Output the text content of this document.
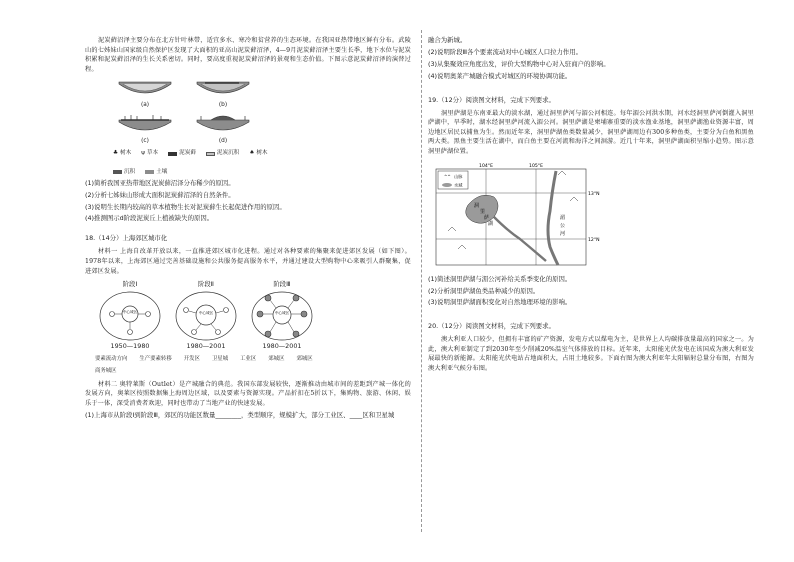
泥炭藓沼泽主要分布在北方针叶林带，适宜多水、寒冷和贫营养的生态环境。在我国亚热带地区鲜有分布。武陵山的七姊妹山国家级自然保护区发现了大面积的亚高山泥炭藓沼泽，4—9月泥炭藓沼泽主要生长季，地下水位与泥炭积累和泥炭藓沼泽的生长关系密切。同时，要高度重视泥炭藓沼泽的景观和生态价值。下图示意泥炭藓沼泽的演替过程。

(a)	(b)
(c)	(d)
♣ 树木 ψ 草本	泥炭藓	泥炭沉积 ♠ 树木
沉积	土壤

(1)简析我国亚热带地区泥炭藓沼泽分布稀少的原因。

(2)分析七姊妹山形成大面积泥炭藓沼泽的自然条件。

(3)说明生长期内较高的草本植物生长对泥炭藓生长起促进作用的原因。

(4)推测图示d阶段泥炭丘上植被缺失的原因。

18.（14分）上海郊区城市化

材料一 上海自改革开放以来，一直推进郊区城市化进程。通过对各种要素的集聚来促进郊区发展（如下图）。1978年以来，上海郊区通过完善基础设施和公共服务提高服务水平，并通过建设大型购物中心来吸引人群聚集，促进郊区发展。

阶段Ⅰ
中心城区
1950—1980
阶段Ⅱ
中心城区
1980—2001
阶段Ⅲ
中心城区
1980—2001
要素流动方向 生产要素转移 开发区 卫星城 工业区 郊城区 郊城区
商务城区

材料二 奥特莱斯（Outlet）是产城融合的典范。我国东部发展较快，逐渐推动由城市间的差距到产城一体化的发展方向，奥莱区按照数据集上海周边区域，以及要素与资源实现。产品折扣在5折以下，集购物、旅游、休闲、娱乐于一体，深受消费者欢迎，同时也带动了当地产业的快速发展。

(1)上海市从阶段Ⅰ到阶段Ⅲ，郊区的功能区数量________，类型顺序，规模扩大，部分工业区、____区和卫星城

融合为新城。

(2)说明阶段Ⅲ各个要素流动对中心城区人口拉力作用。

(3)从集聚效应角度出发，评价大型购物中心对入驻商户的影响。

(4)说明奥莱产城融合模式对城区的环境协调功能。

19.（12分）阅读图文材料，完成下列要求。

洞里萨湖是东南亚最大的淡水湖，通过洞里萨河与湄公河相连。每年湄公河洪水期，河水经洞里萨河倒灌入洞里萨湖中，旱季时，湖水经洞里萨河流入湄公河。洞里萨湖是柬埔寨重要的淡水渔业基地，洞里萨湖渔业资源丰富，周边地区居民以捕鱼为生。然而近年来，洞里萨湖鱼类数量减少，洞里萨湖周边有300多种鱼类，主要分为白鱼和黑鱼两大类。黑鱼主要生活在湖中，而白鱼主要在河流和海洋之间洄游。近几十年来，洞里萨湖面积呈缩小趋势。图示意洞里萨湖位置。

104°E	105°E
13°N
12°N
^^ 山脉
水域
洞
里
萨
湖
湄
公
河

(1)简述洞里萨湖与湄公河补给关系季变化的原因。

(2)分析洞里萨湖鱼类品种减少的原因。

(3)说明洞里萨湖面积变化对自然地理环境的影响。

20.（12分）阅读图文材料，完成下列要求。

澳大利亚人口较少，但拥有丰富的矿产资源，发电方式以煤电为主，是世界上人均碳排放量最高的国家之一。为此，澳大利亚制定了到2030年至少削减20%温室气体排放的目标。近年来，太阳能光伏发电在该国成为澳大利亚发展最快的新能源。太阳能光伏电站占地面积大，占用土地较多。下面右图为澳大利亚年太阳辐射总量分布图，右图为澳大利亚气候分布图。
